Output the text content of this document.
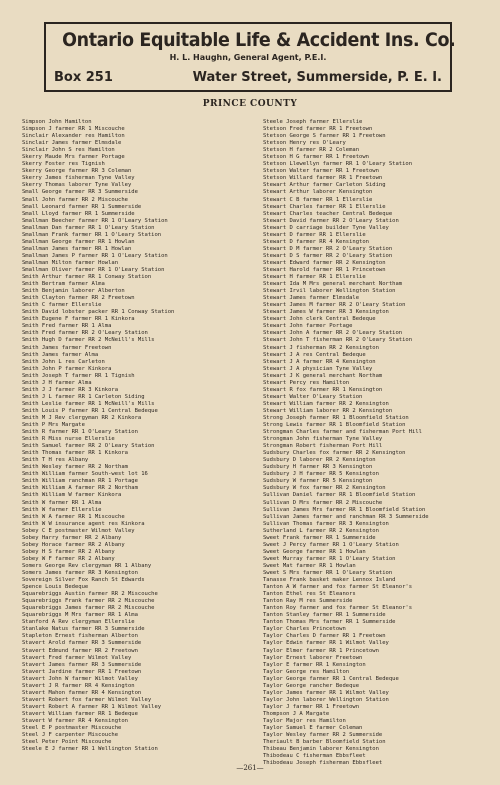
Ontario Equitable Life & Accident Ins. Co.
H. L. Haughn, General Agent, P.E.I.
Box 251	Water Street, Summerside, P. E. I.
PRINCE COUNTY
Simpson John Hamilton
Simpson J farmer RR 1 Miscouche
Sinclair Alexander res Hamilton
Sinclair James farmer Elmsdale
Sinclair John S res Hamilton
Skerry Maude Mrs farmer Portage
Skerry Foster res Tignish
Skerry George farmer RR 3 Coleman
Skerry James fisherman Tyne Valley
Skerry Thomas laborer Tyne Valley
Small George farmer RR 3 Summerside
Small John farmer RR 2 Miscouche
Small Leonard farmer RR 1 Summerside
Small Lloyd farmer RR 1 Summerside
Smallman Beecher farmer RR 1 O'Leary Station
Smallman Dan farmer RR 1 O'Leary Station
Smallman Frank farmer RR 1 O'Leary Station
Smallman George farmer RR 1 Howlan
Smallman James farmer RR 1 Howlan
Smallman James P farmer RR 1 O'Leary Station
Smallman Milton farmer Howlan
Smallman Oliver farmer RR 1 O'Leary Station
Smith Arthur farmer RR 1 Conway Station
Smith Bertram farmer Alma
Smith Benjamin laborer Alberton
Smith Clayton farmer RR 2 Freetown
Smith C farmer Ellerslie
Smith David lobster packer RR 1 Conway Station
Smith Eugene F farmer RR 1 Kinkora
Smith Fred farmer RR 1 Alma
Smith Fred farmer RR 2 O'Leary Station
Smith Hugh D farmer RR 2 McNeill's Mills
Smith James farmer Freetown
Smith James farmer Alma
Smith John L res Carleton
Smith John P farmer Kinkora
Smith Joseph T farmer RR 1 Tignish
Smith J H farmer Alma
Smith J J farmer RR 3 Kinkora
Smith J L farmer RR 1 Carleton Siding
Smith Leslie farmer RR 1 McNeill's Mills
Smith Louis P farmer RR 1 Central Bedeque
Smith M J Rev clergyman RR 2 Kinkora
Smith P Mrs Margate
Smith R farmer RR 1 O'Leary Station
Smith R Miss nurse Ellerslie
Smith Samuel farmer RR 2 O'Leary Station
Smith Thomas farmer RR 1 Kinkora
Smith T H res Albany
Smith Wesley farmer RR 2 Northam
Smith William farmer South-west lot 16
Smith William ranchman RR 1 Portage
Smith William A farmer RR 2 Northam
Smith William W farmer Kinkora
Smith W farmer RR 1 Alma
Smith W farmer Ellerslie
Smith W A farmer RR 1 Miscouche
Smith W W insurance agent res Kinkora
Sobey C E postmaster Wilmot Valley
Sobey Harry farmer RR 2 Albany
Sobey Horace farmer RR 2 Albany
Sobey H S farmer RR 2 Albany
Sobey W F farmer RR 2 Albany
Somers George Rev clergyman RR 1 Albany
Somers James farmer RR 3 Kensington
Sovereign Silver Fox Ranch St Edwards
Spence Louis Bedeque
Squarebriggs Austin farmer RR 2 Miscouche
Squarebriggs Frank farmer RR 2 Miscouche
Squarebriggs James farmer RR 2 Miscouche
Squarebriggs M Mrs farmer RR 1 Alma
Stanford A Rev clergyman Ellerslie
Stanlake Natus farmer RR 3 Summerside
Stapleton Ernest fisherman Alberton
Stavert Arold farmer RR 3 Summerside
Stavert Edmund farmer RR 2 Freetown
Stavert Fred farmer Wilmot Valley
Stavert James farmer RR 3 Summerside
Stavert Jardine farmer RR 1 Freetown
Stavert John W farmer Wilmot Valley
Stavert J R farmer RR 4 Kensington
Stavert Mahon farmer RR 4 Kensington
Stavert Robert fox farmer Wilmot Valley
Stavert Robert A farmer RR 1 Wilmot Valley
Stavert William farmer RR 1 Bedeque
Stavert W farmer RR 4 Kensington
Steel E P postmaster Miscouche
Steel J F carpenter Miscouche
Steel Peter Point Miscouche
Steele E J farmer RR 1 Wellington Station
Steele Joseph farmer Ellerslie
Stetson Fred farmer RR 1 Freetown
Stetson George S farmer RR 1 Freetown
Stetson Henry res O'Leary
Stetson H farmer RR 2 Coleman
Stetson H G farmer RR 1 Freetown
Stetson Llewellyn farmer RR 1 O'Leary Station
Stetson Walter farmer RR 1 Freetown
Stetson Willard farmer RR 1 Freetown
Stewart Arthur farmer Carleton Siding
Stewart Arthur laborer Kensington
Stewart C B farmer RR 1 Ellerslie
Stewart Charles farmer RR 1 Ellerslie
Stewart Charles teacher Central Bedeque
Stewart David farmer RR 2 O'Leary Station
Stewart D carriage builder Tyne Valley
Stewart D farmer RR 1 Ellerslie
Stewart D farmer RR 4 Kensington
Stewart D M farmer RR 2 O'Leary Station
Stewart D S farmer RR 2 O'Leary Station
Stewart Edward farmer RR 2 Kensington
Stewart Harold farmer RR 1 Princetown
Stewart H farmer RR 1 Ellerslie
Stewart Ida M Mrs general merchant Northam
Stewart Irvil laborer Wellington Station
Stewart James farmer Elmsdale
Stewart James M farmer RR 2 O'Leary Station
Stewart James W farmer RR 3 Kensington
Stewart John clerk Central Bedeque
Stewart John farmer Portage
Stewart John A farmer RR 2 O'Leary Station
Stewart John T fisherman RR 2 O'Leary Station
Stewart J fisherman RR 2 Kensington
Stewart J A res Central Bedeque
Stewart J A farmer RR 4 Kensington
Stewart J A physician Tyne Valley
Stewart J K general merchant Northam
Stewart Percy res Hamilton
Stewart R fox farmer RR 1 Kensington
Stewart Walter O'Leary Station
Stewart William farmer RR 2 Kensington
Stewart William laborer RR 2 Kensington
Strong Joseph farmer RR 1 Bloomfield Station
Strong Lewis farmer RR 1 Bloomfield Station
Strongman Charles farmer and fisherman Port Hill
Strongman John fisherman Tyne Valley
Strongman Robert fisherman Port Hill
Sudsbury Charles fox farmer RR 2 Kensington
Sudsbury D laborer RR 2 Kensington
Sudsbury H farmer RR 3 Kensington
Sudsbury J H farmer RR 5 Kensington
Sudsbury W farmer RR 5 Kensington
Sudsbury W fox farmer RR 2 Kensington
Sullivan Daniel farmer RR 1 Bloomfield Station
Sullivan D Mrs farmer RR 2 Miscouche
Sullivan James Mrs farmer RR 1 Bloomfield Station
Sullivan James farmer and ranchman RR 3 Summerside
Sullivan Thomas farmer RR 3 Kensington
Sutherland L farmer RR 2 Kensington
Sweet Frank farmer RR 1 Summerside
Sweet J Percy farmer RR 1 O'Leary Station
Sweet George farmer RR 1 Howlan
Sweet Murray farmer RR 1 O'Leary Station
Sweet Mat farmer RR 1 Howlan
Sweet S Mrs farmer RR 1 O'Leary Station
Tanasse Frank basket maker Lennox Island
Tanton A W farmer and fox farmer St Eleanor's
Tanton Ethel res St Eleanors
Tanton Ray M res Summerside
Tanton Roy farmer and fox farmer St Eleanor's
Tanton Stanley farmer RR 1 Summerside
Tanton Thomas Mrs farmer RR 1 Summerside
Taylor Charles Princetown
Taylor Charles D farmer RR 1 Freetown
Taylor Edwin farmer RR 1 Wilmot Valley
Taylor Elmer farmer RR 1 Princetown
Taylor Ernest laborer Freetown
Taylor E farmer RR 1 Kensington
Taylor George res Hamilton
Taylor George farmer RR 1 Central Bedeque
Taylor George rancher Bedeque
Taylor James farmer RR 1 Wilmot Valley
Taylor John laborer Wellington Station
Taylor J farmer RR 1 Freetown
Thompson J A Margate
Taylor Major res Hamilton
Taylor Samuel E farmer Coleman
Taylor Wesley farmer RR 2 Summerside
Theriault B barber Bloomfield Station
Thibeau Benjamin laborer Kensington
Thibodeau C fisherman Ebbsfleet
Thibodeau Joseph fisherman Ebbsfleet
—261—
